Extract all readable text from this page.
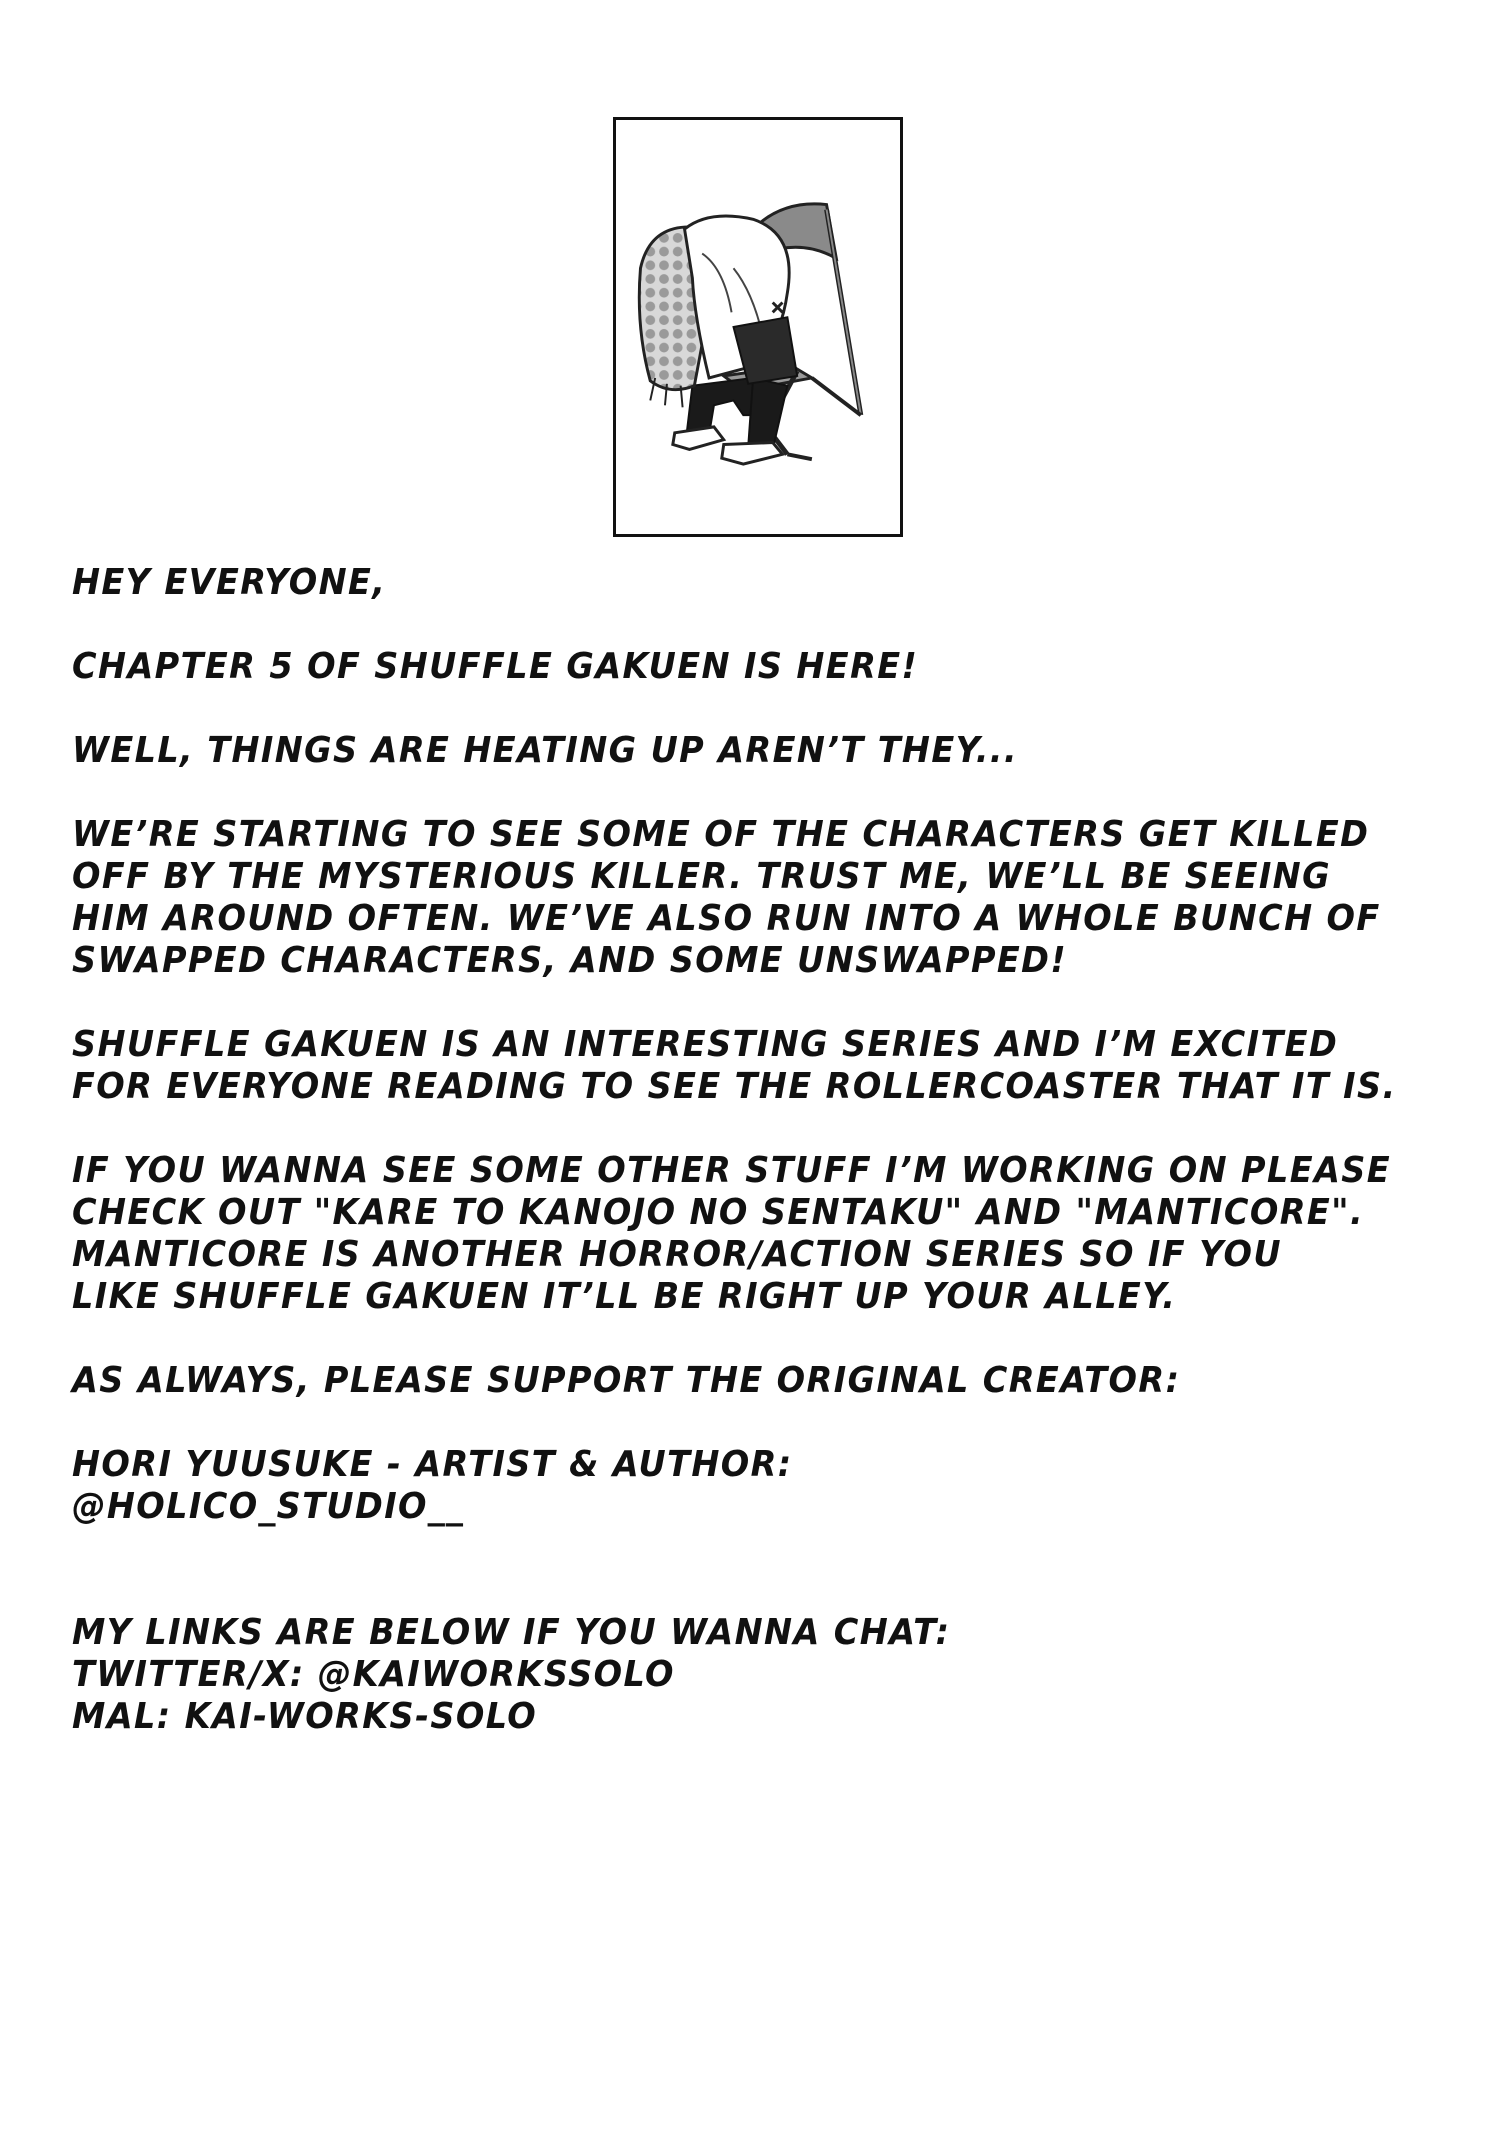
HEY EVERYONE,
CHAPTER 5 OF SHUFFLE GAKUEN IS HERE!
WELL, THINGS ARE HEATING UP AREN’T THEY...
WE’RE STARTING TO SEE SOME OF THE CHARACTERS GET KILLED
OFF BY THE MYSTERIOUS KILLER. TRUST ME, WE’LL BE SEEING
HIM AROUND OFTEN. WE’VE ALSO RUN INTO A WHOLE BUNCH OF
SWAPPED CHARACTERS, AND SOME UNSWAPPED!
SHUFFLE GAKUEN IS AN INTERESTING SERIES AND I’M EXCITED
FOR EVERYONE READING TO SEE THE ROLLERCOASTER THAT IT IS.
IF YOU WANNA SEE SOME OTHER STUFF I’M WORKING ON PLEASE
CHECK OUT "KARE TO KANOJO NO SENTAKU" AND "MANTICORE".
MANTICORE IS ANOTHER HORROR/ACTION SERIES SO IF YOU
LIKE SHUFFLE GAKUEN IT’LL BE RIGHT UP YOUR ALLEY.
AS ALWAYS, PLEASE SUPPORT THE ORIGINAL CREATOR:
HORI YUUSUKE - ARTIST & AUTHOR:
@HOLICO_STUDIO__
MY LINKS ARE BELOW IF YOU WANNA CHAT:
TWITTER/X: @KAIWORKSSOLO
MAL: KAI-WORKS-SOLO
